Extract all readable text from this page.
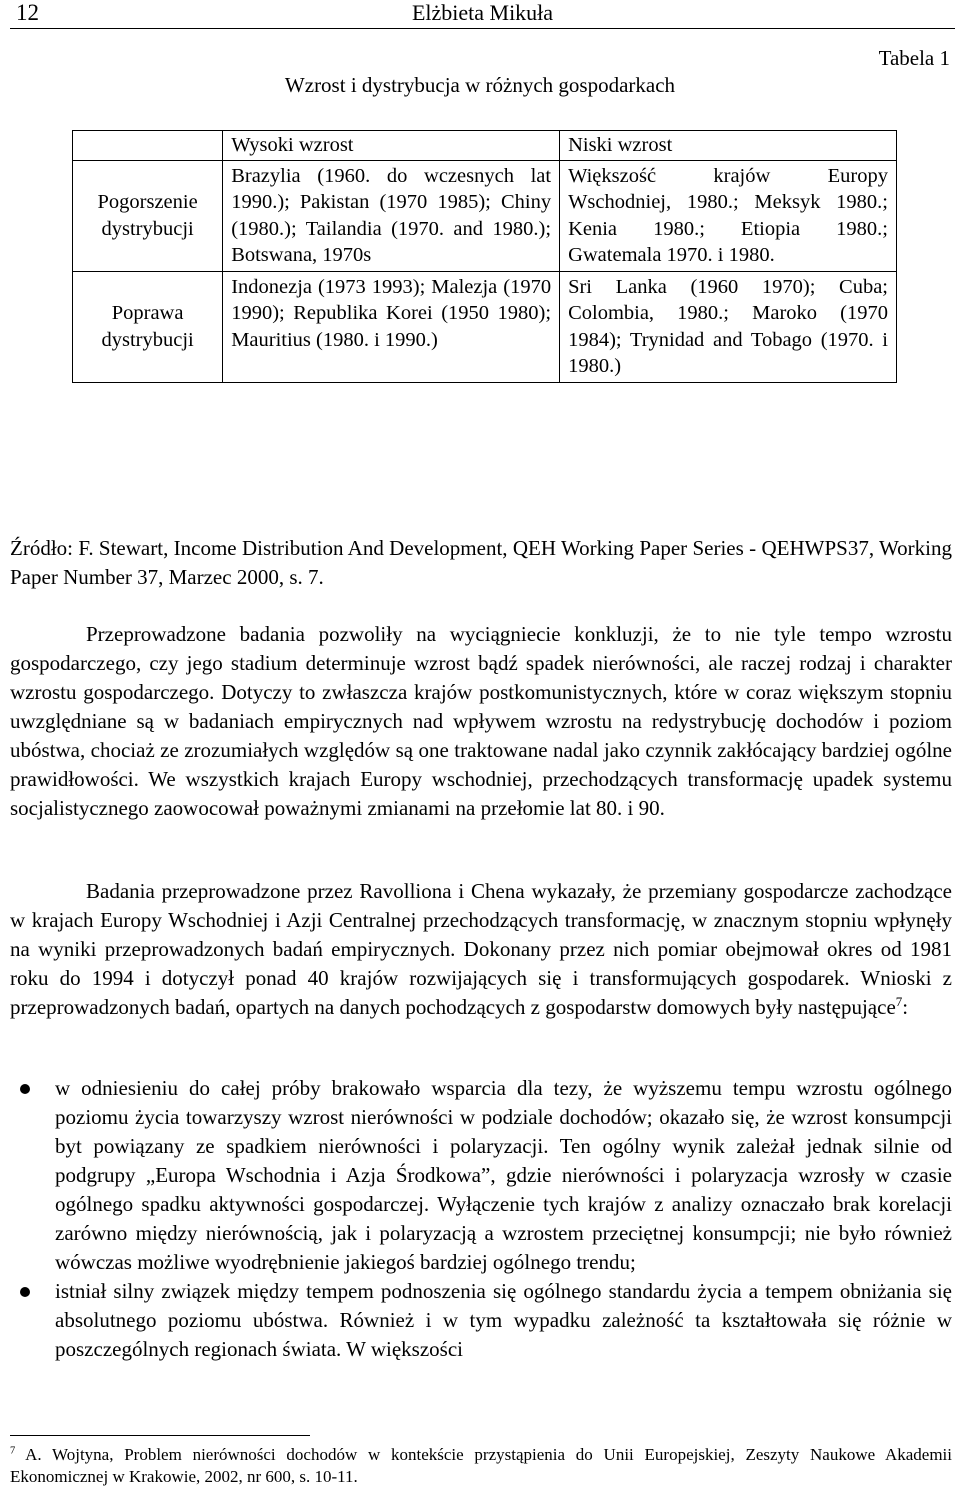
12	Elżbieta Mikuła
Tabela 1
Wzrost i dystrybucja w różnych gospodarkach
	Wysoki wzrost	Niski wzrost
Pogorszenie dystrybucji	Brazylia (1960. do wczesnych lat 1990.); Pakistan (1970 1985); Chiny (1980.); Tailandia (1970. and 1980.); Botswana, 1970s	Większość krajów Europy Wschodniej, 1980.; Meksyk 1980.; Kenia 1980.; Etiopia 1980.; Gwatemala 1970. i 1980.
Poprawa dystrybucji	Indonezja (1973 1993); Malezja (1970 1990); Republika Korei (1950 1980); Mauritius (1980. i 1990.)	Sri Lanka (1960 1970); Cuba; Colombia, 1980.; Maroko (1970 1984); Trynidad and Tobago (1970. i 1980.)
Źródło: F. Stewart, Income Distribution And Development, QEH Working Paper Series - QEHWPS37, Working Paper Number 37, Marzec 2000, s. 7.

Przeprowadzone badania pozwoliły na wyciągniecie konkluzji, że to nie tyle tempo wzrostu gospodarczego, czy jego stadium determinuje wzrost bądź spadek nierówności, ale raczej rodzaj i charakter wzrostu gospodarczego. Dotyczy to zwłaszcza krajów postkomunistycznych, które w coraz większym stopniu uwzględniane są w badaniach empirycznych nad wpływem wzrostu na redystrybucję dochodów i poziom ubóstwa, chociaż ze zrozumiałych względów są one traktowane nadal jako czynnik zakłócający bardziej ogólne prawidłowości. We wszystkich krajach Europy wschodniej, przechodzących transformację upadek systemu socjalistycznego zaowocował poważnymi zmianami na przełomie lat 80. i 90.

Badania przeprowadzone przez Ravolliona i Chena wykazały, że przemiany gospodarcze zachodzące w krajach Europy Wschodniej i Azji Centralnej przechodzących transformację, w znacznym stopniu wpłynęły na wyniki przeprowadzonych badań empirycznych. Dokonany przez nich pomiar obejmował okres od 1981 roku do 1994 i dotyczył ponad 40 krajów rozwijających się i transformujących gospodarek. Wnioski z przeprowadzonych badań, opartych na danych pochodzących z gospodarstw domowych były następujące$^7$:

w odniesieniu do całej próby brakowało wsparcia dla tezy, że wyższemu tempu wzrostu ogólnego poziomu życia towarzyszy wzrost nierówności w podziale dochodów; okazało się, że wzrost konsumpcji byt powiązany ze spadkiem nierówności i polaryzacji. Ten ogólny wynik zależał jednak silnie od podgrupy „Europa Wschodnia i Azja Środkowa”, gdzie nierówności i polaryzacja wzrosły w czasie ogólnego spadku aktywności gospodarczej. Wyłączenie tych krajów z analizy oznaczało brak korelacji zarówno między nierównością, jak i polaryzacją a wzrostem przeciętnej konsumpcji; nie było również wówczas możliwe wyodrębnienie jakiegoś bardziej ogólnego trendu;
istniał silny związek między tempem podnoszenia się ogólnego standardu życia a tempem obniżania się absolutnego poziomu ubóstwa. Również i w tym wypadku zależność ta kształtowała się różnie w poszczególnych regionach świata. W większości
$^7$ A. Wojtyna, Problem nierówności dochodów w kontekście przystąpienia do Unii Europejskiej, Zeszyty Naukowe Akademii Ekonomicznej w Krakowie, 2002, nr 600, s. 10-11.
